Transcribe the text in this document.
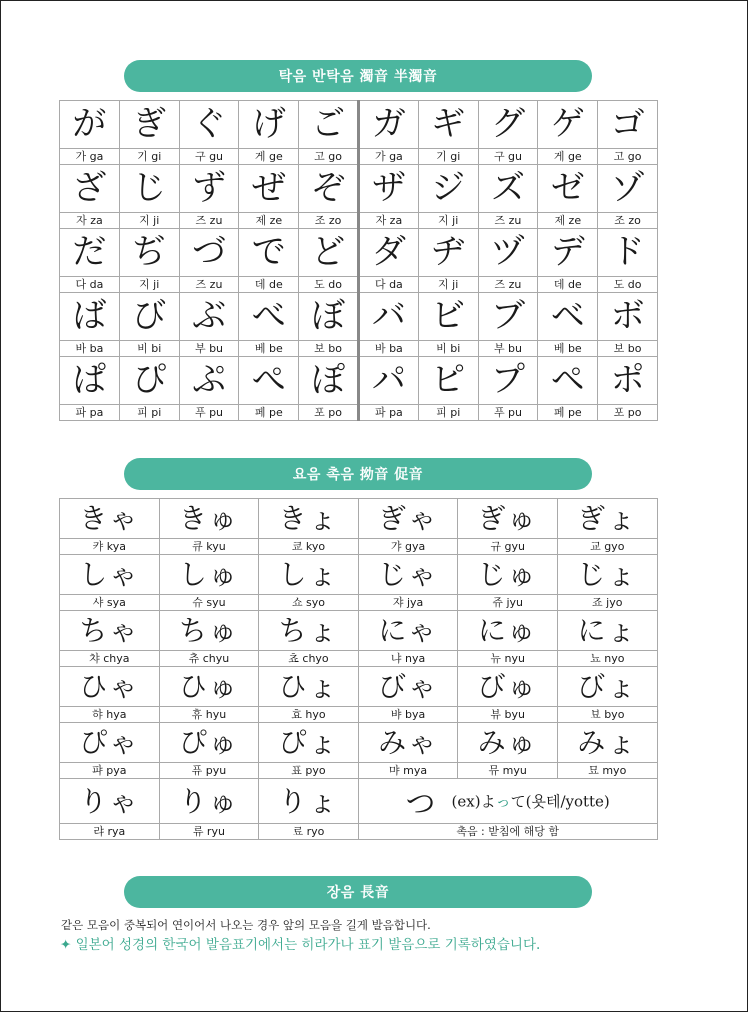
탁음 반탁음 濁音 半濁音
が	ぎ	ぐ	げ	ご	ガ	ギ	グ	ゲ	ゴ
가 ga	기 gi	구 gu	게 ge	고 go	가 ga	기 gi	구 gu	게 ge	고 go
ざ	じ	ず	ぜ	ぞ	ザ	ジ	ズ	ゼ	ゾ
자 za	지 ji	즈 zu	제 ze	조 zo	자 za	지 ji	즈 zu	제 ze	조 zo
だ	ぢ	づ	で	ど	ダ	ヂ	ヅ	デ	ド
다 da	지 ji	즈 zu	데 de	도 do	다 da	지 ji	즈 zu	데 de	도 do
ば	び	ぶ	べ	ぼ	バ	ビ	ブ	ベ	ボ
바 ba	비 bi	부 bu	베 be	보 bo	바 ba	비 bi	부 bu	베 be	보 bo
ぱ	ぴ	ぷ	ぺ	ぽ	パ	ピ	プ	ペ	ポ
파 pa	피 pi	푸 pu	페 pe	포 po	파 pa	피 pi	푸 pu	페 pe	포 po
요음 촉음 拗音 促音
きゃ	きゅ	きょ	ぎゃ	ぎゅ	ぎょ
캬 kya	큐 kyu	쿄 kyo	갸 gya	규 gyu	교 gyo
しゃ	しゅ	しょ	じゃ	じゅ	じょ
샤 sya	슈 syu	쇼 syo	쟈 jya	쥬 jyu	죠 jyo
ちゃ	ちゅ	ちょ	にゃ	にゅ	にょ
챠 chya	츄 chyu	쵸 chyo	냐 nya	뉴 nyu	뇨 nyo
ひゃ	ひゅ	ひょ	びゃ	びゅ	びょ
햐 hya	휴 hyu	효 hyo	뱌 bya	뷰 byu	뵤 byo
ぴゃ	ぴゅ	ぴょ	みゃ	みゅ	みょ
퍄 pya	퓨 pyu	표 pyo	먀 mya	뮤 myu	묘 myo
りゃ	りゅ	りょ	つ (ex)よって(욧테/yotte)		
랴 rya	류 ryu	료 ryo	촉음 : 받침에 해당 함		
장음 長音
같은 모음이 중복되어 연이어서 나오는 경우 앞의 모음을 길게 발음합니다.
✦ 일본어 성경의 한국어 발음표기에서는 히라가나 표기 발음으로 기록하였습니다.
